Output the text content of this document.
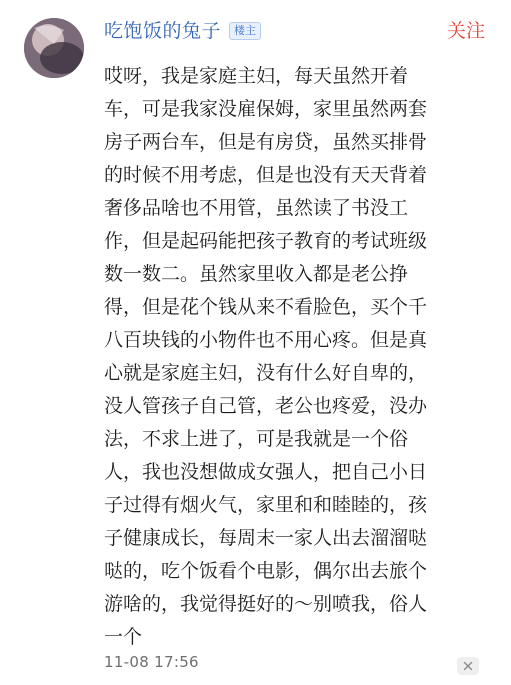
吃饱饭的兔子	楼主	关注
哎呀，我是家庭主妇，每天虽然开着
车，可是我家没雇保姆，家里虽然两套
房子两台车，但是有房贷，虽然买排骨
的时候不用考虑，但是也没有天天背着
奢侈品啥也不用管，虽然读了书没工
作，但是起码能把孩子教育的考试班级
数一数二。虽然家里收入都是老公挣
得，但是花个钱从来不看脸色，买个千
八百块钱的小物件也不用心疼。但是真
心就是家庭主妇，没有什么好自卑的，
没人管孩子自己管，老公也疼爱，没办
法，不求上进了，可是我就是一个俗
人，我也没想做成女强人，把自己小日
子过得有烟火气，家里和和睦睦的，孩
子健康成长，每周末一家人出去溜溜哒
哒的，吃个饭看个电影，偶尔出去旅个
游啥的，我觉得挺好的～别喷我，俗人
一个
11-08 17:56
